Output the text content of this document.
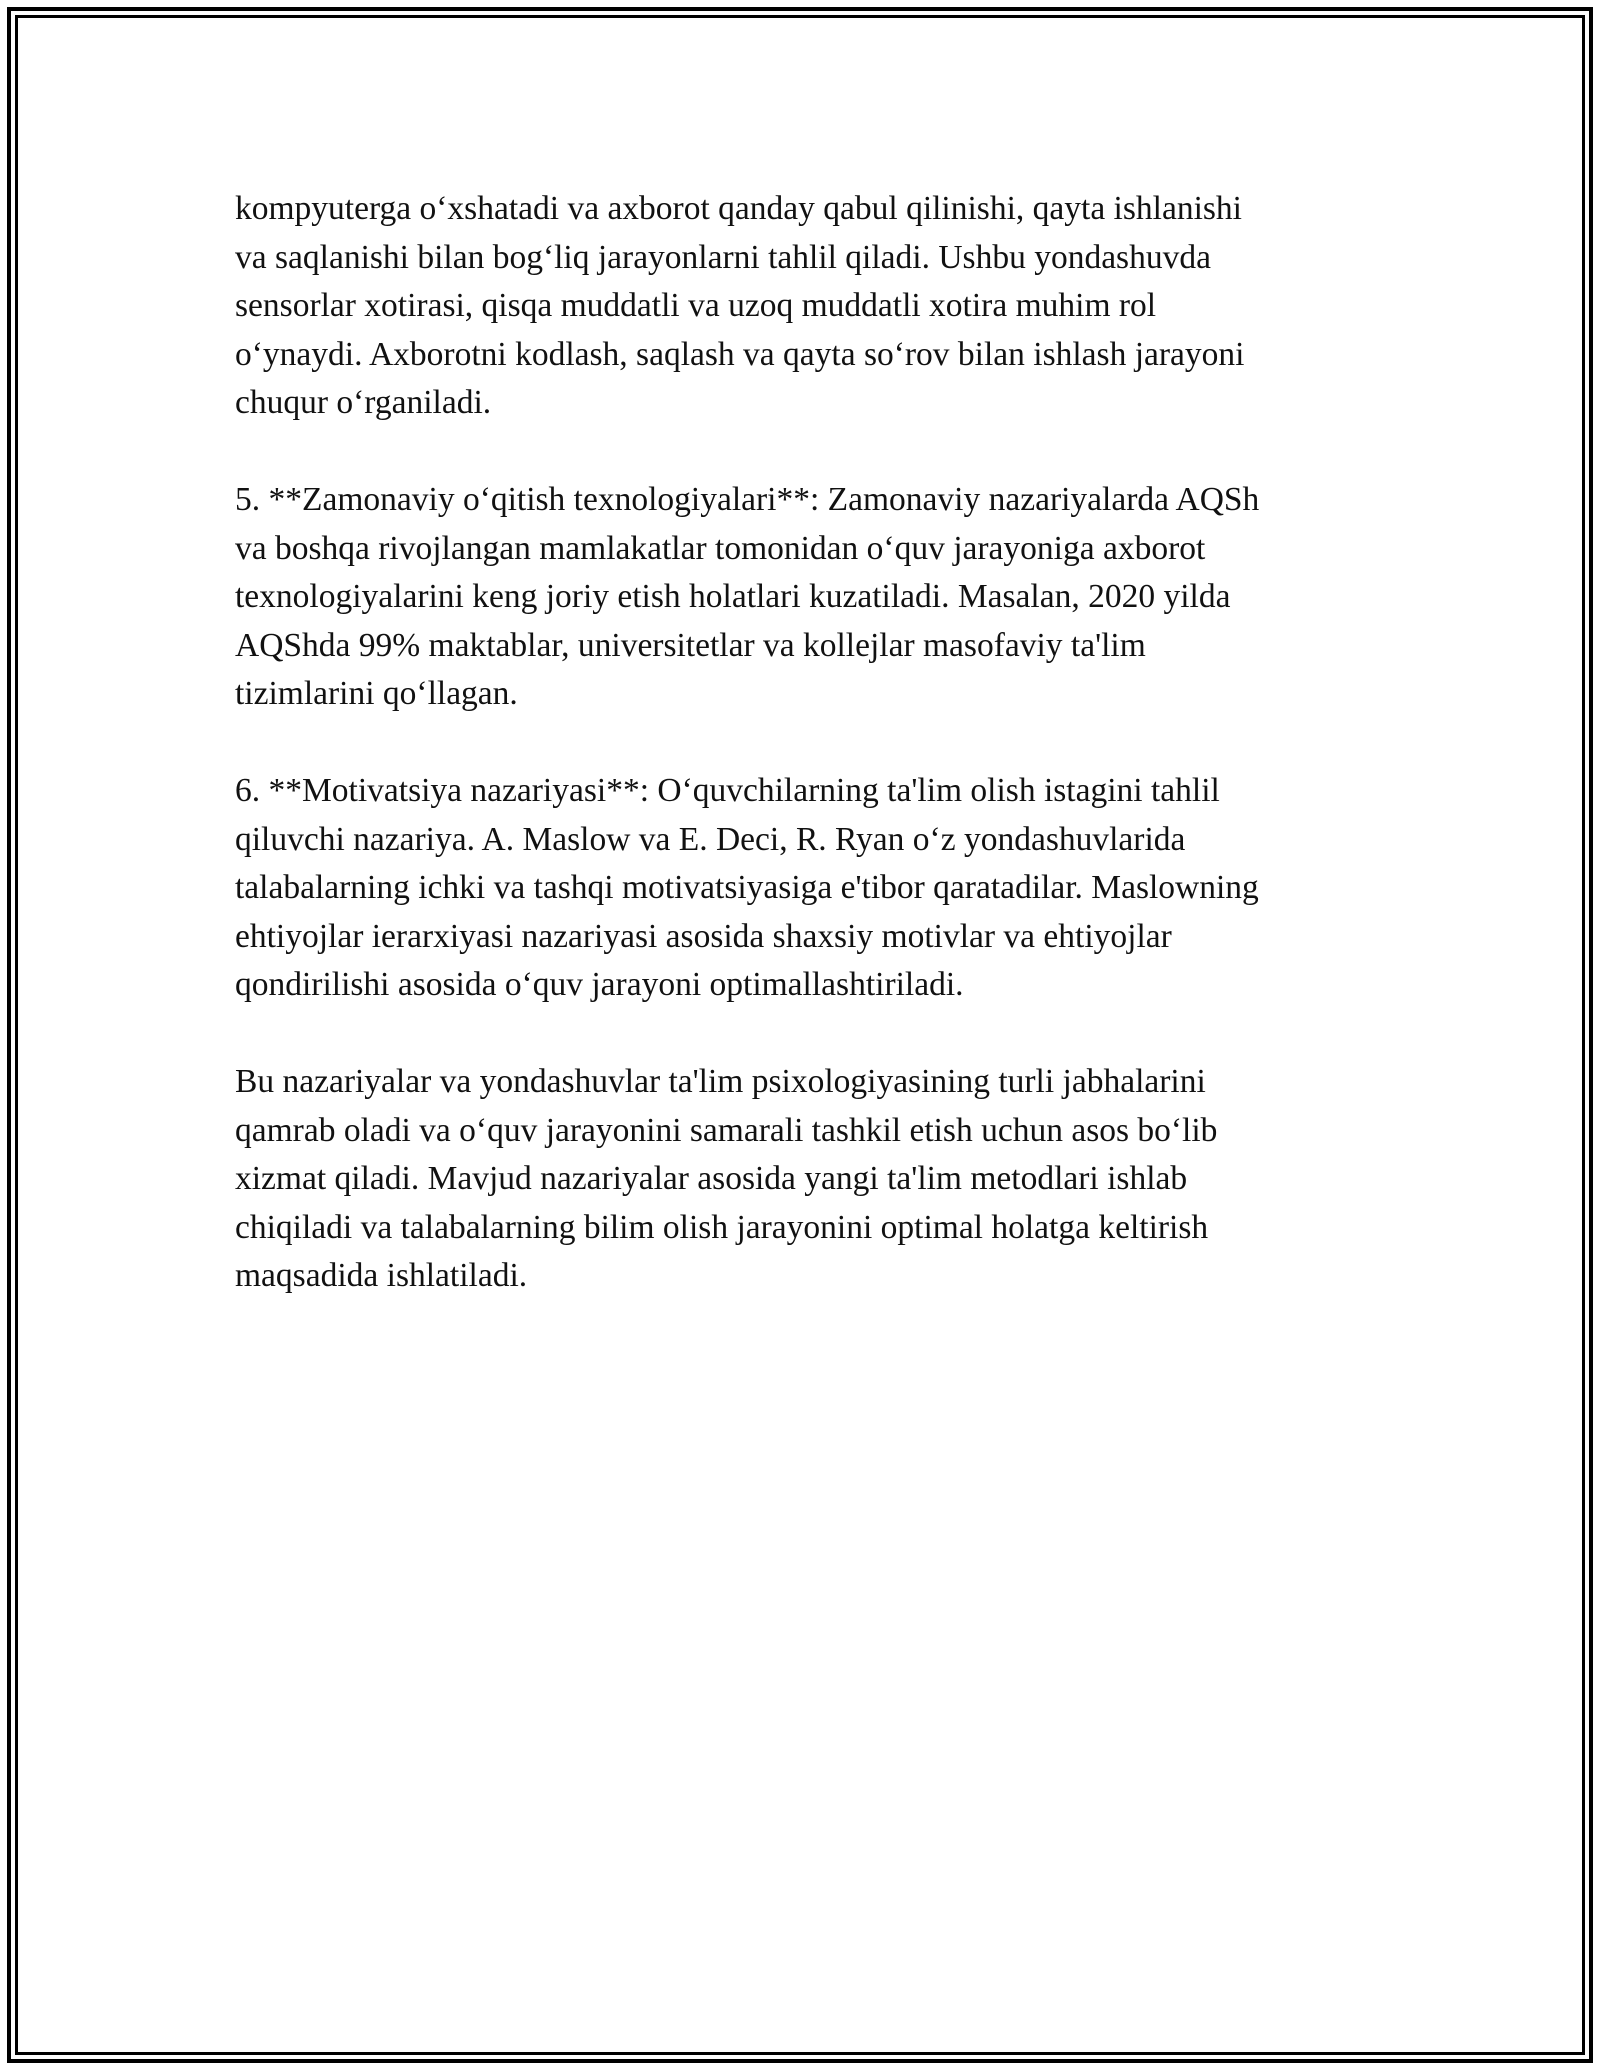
kompyuterga oʻxshatadi va axborot qanday qabul qilinishi, qayta ishlanishi
va saqlanishi bilan bogʻliq jarayonlarni tahlil qiladi. Ushbu yondashuvda
sensorlar xotirasi, qisqa muddatli va uzoq muddatli xotira muhim rol
oʻynaydi. Axborotni kodlash, saqlash va qayta soʻrov bilan ishlash jarayoni
chuqur oʻrganiladi.

5. **Zamonaviy oʻqitish texnologiyalari**: Zamonaviy nazariyalarda AQSh
va boshqa rivojlangan mamlakatlar tomonidan oʻquv jarayoniga axborot
texnologiyalarini keng joriy etish holatlari kuzatiladi. Masalan, 2020 yilda
AQShda 99% maktablar, universitetlar va kollejlar masofaviy ta'lim
tizimlarini qoʻllagan.

6. **Motivatsiya nazariyasi**: Oʻquvchilarning ta'lim olish istagini tahlil
qiluvchi nazariya. A. Maslow va E. Deci, R. Ryan oʻz yondashuvlarida
talabalarning ichki va tashqi motivatsiyasiga e'tibor qaratadilar. Maslowning
ehtiyojlar ierarxiyasi nazariyasi asosida shaxsiy motivlar va ehtiyojlar
qondirilishi asosida oʻquv jarayoni optimallashtiriladi.

Bu nazariyalar va yondashuvlar ta'lim psixologiyasining turli jabhalarini
qamrab oladi va oʻquv jarayonini samarali tashkil etish uchun asos boʻlib
xizmat qiladi. Mavjud nazariyalar asosida yangi ta'lim metodlari ishlab
chiqiladi va talabalarning bilim olish jarayonini optimal holatga keltirish
maqsadida ishlatiladi.
